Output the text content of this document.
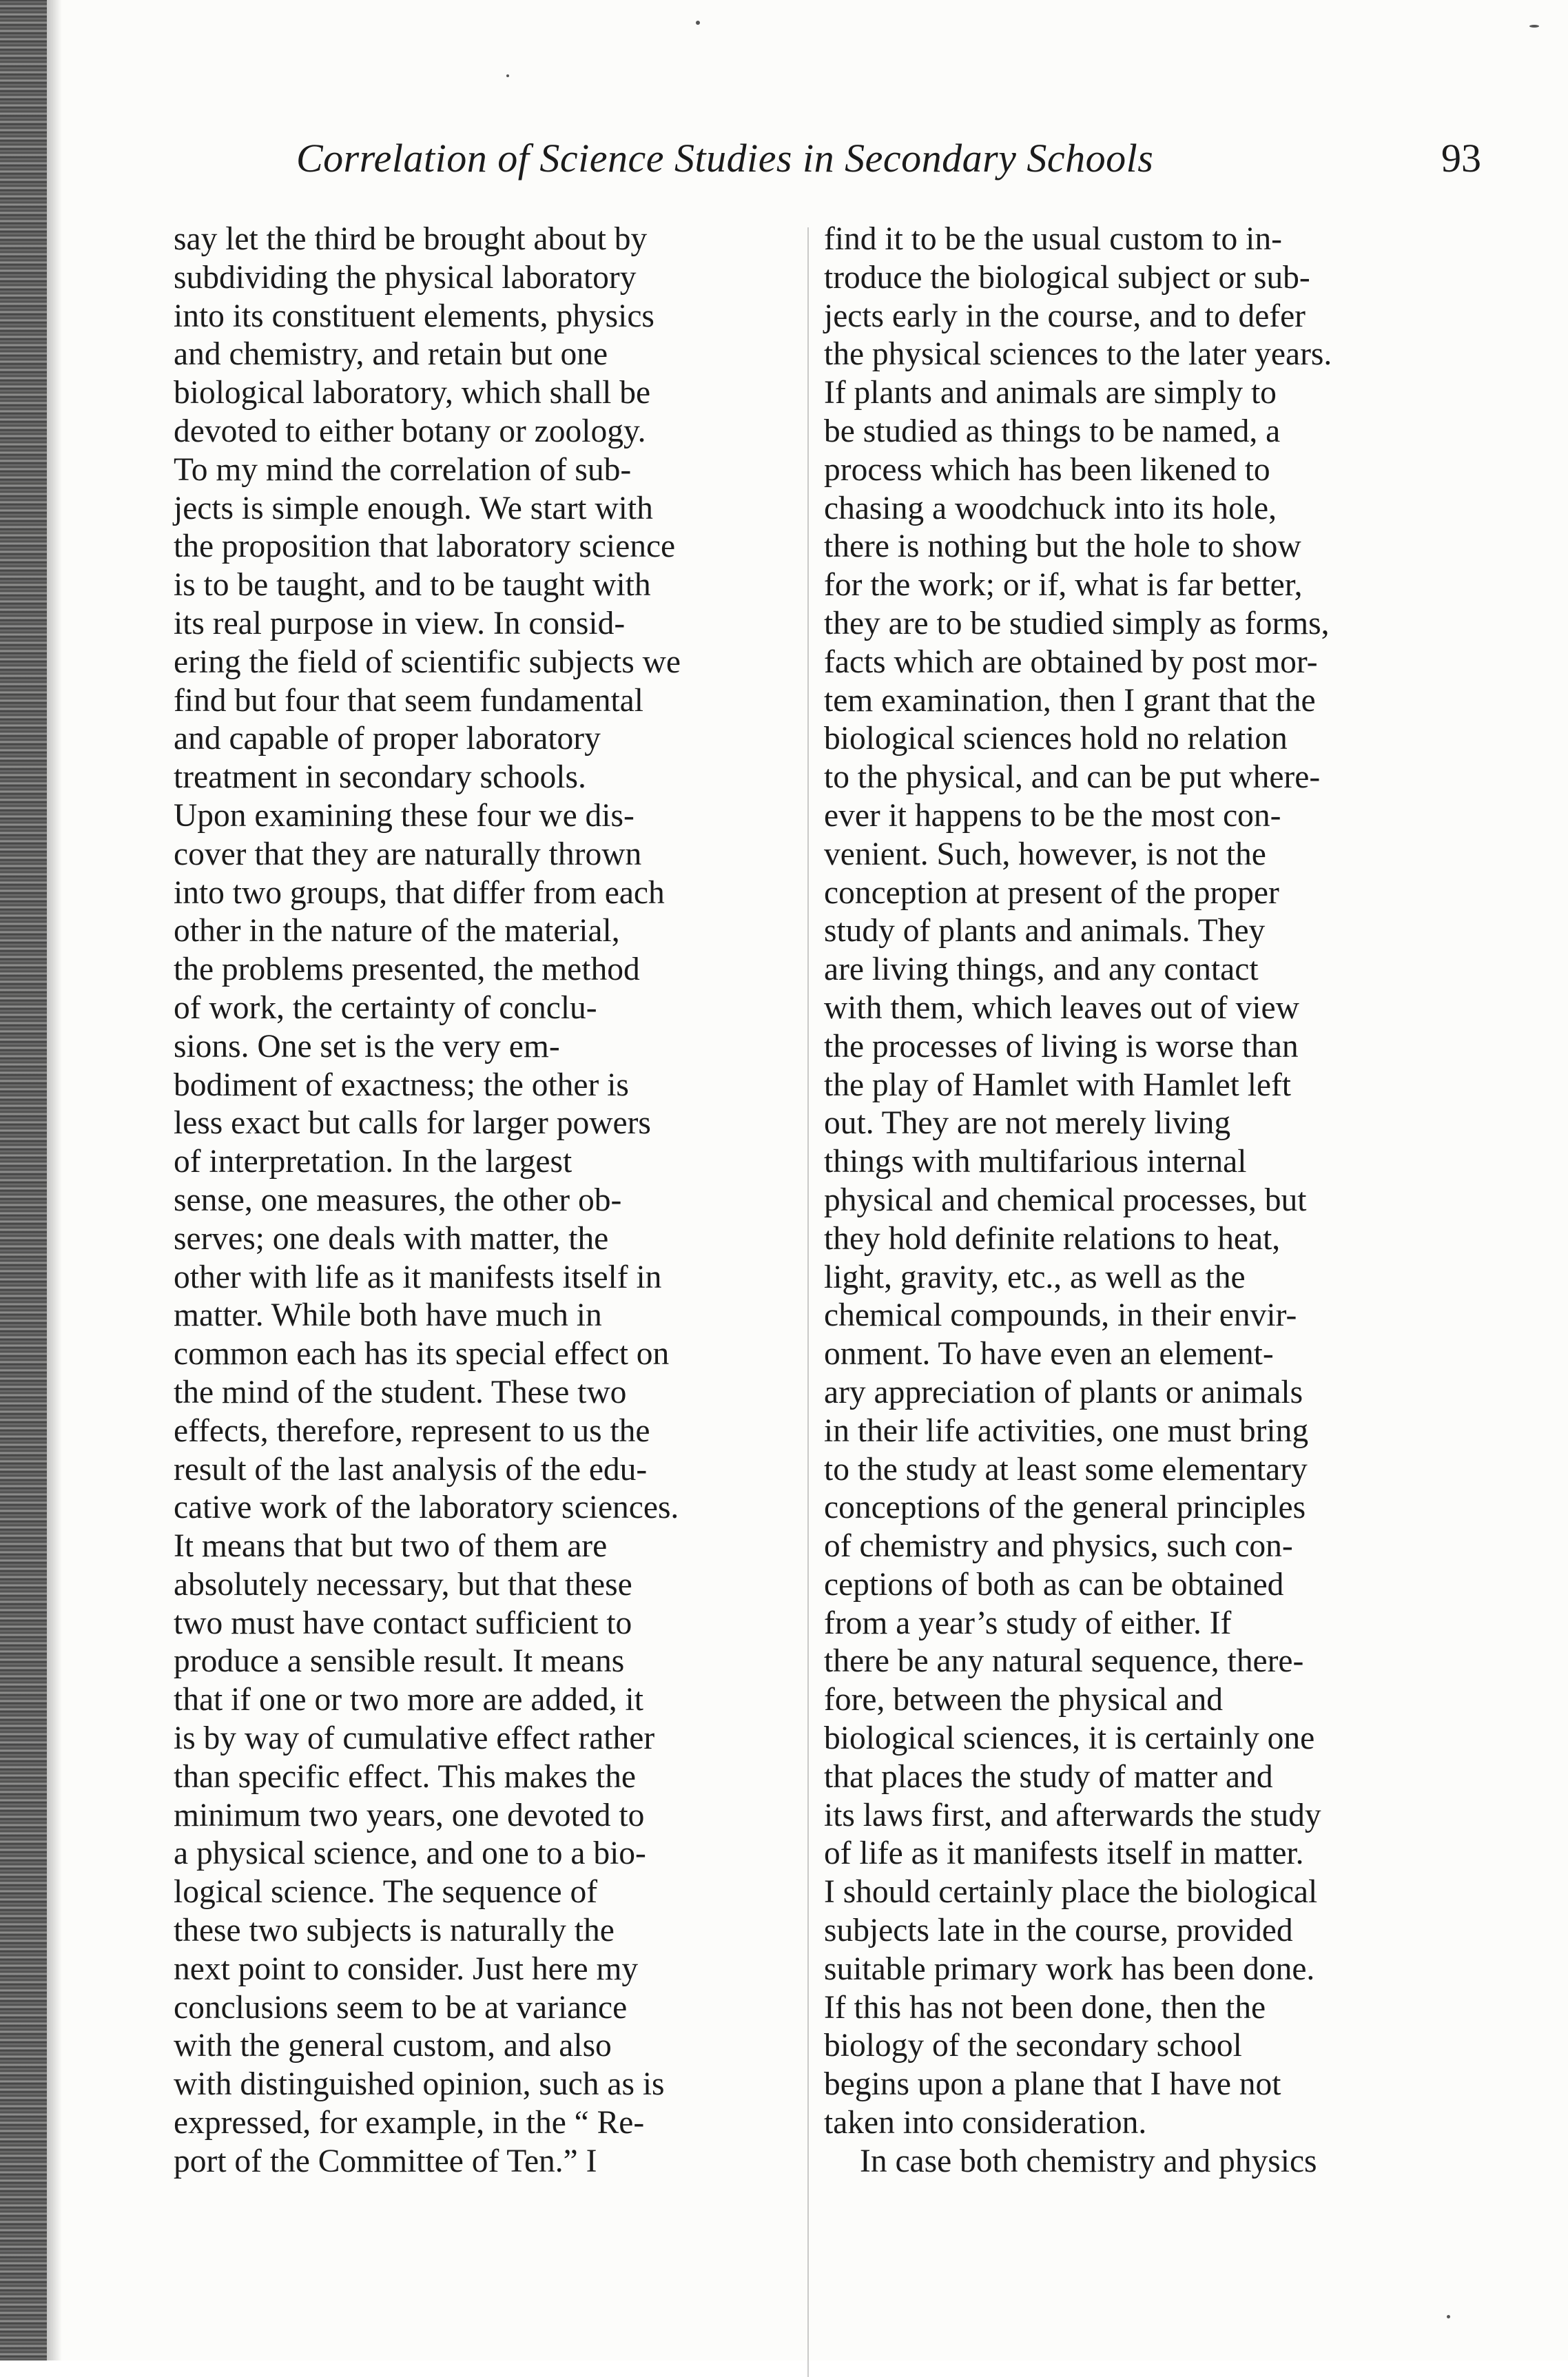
Correlation of Science Studies in Secondary Schools	93

say let the third be brought about by
subdividing the physical laboratory
into its constituent elements, physics
and chemistry, and retain but one
biological laboratory, which shall be
devoted to either botany or zoology.
To my mind the correlation of sub-
jects is simple enough. We start with
the proposition that laboratory science
is to be taught, and to be taught with
its real purpose in view. In consid-
ering the field of scientific subjects we
find but four that seem fundamental
and capable of proper laboratory
treatment in secondary schools.
Upon examining these four we dis-
cover that they are naturally thrown
into two groups, that differ from each
other in the nature of the material,
the problems presented, the method
of work, the certainty of conclu-
sions. One set is the very em-
bodiment of exactness; the other is
less exact but calls for larger powers
of interpretation. In the largest
sense, one measures, the other ob-
serves; one deals with matter, the
other with life as it manifests itself in
matter. While both have much in
common each has its special effect on
the mind of the student. These two
effects, therefore, represent to us the
result of the last analysis of the edu-
cative work of the laboratory sciences.
It means that but two of them are
absolutely necessary, but that these
two must have contact sufficient to
produce a sensible result. It means
that if one or two more are added, it
is by way of cumulative effect rather
than specific effect. This makes the
minimum two years, one devoted to
a physical science, and one to a bio-
logical science. The sequence of
these two subjects is naturally the
next point to consider. Just here my
conclusions seem to be at variance
with the general custom, and also
with distinguished opinion, such as is
expressed, for example, in the “ Re-
port of the Committee of Ten.” I

find it to be the usual custom to in-
troduce the biological subject or sub-
jects early in the course, and to defer
the physical sciences to the later years.
If plants and animals are simply to
be studied as things to be named, a
process which has been likened to
chasing a woodchuck into its hole,
there is nothing but the hole to show
for the work; or if, what is far better,
they are to be studied simply as forms,
facts which are obtained by post mor-
tem examination, then I grant that the
biological sciences hold no relation
to the physical, and can be put where-
ever it happens to be the most con-
venient. Such, however, is not the
conception at present of the proper
study of plants and animals. They
are living things, and any contact
with them, which leaves out of view
the processes of living is worse than
the play of Hamlet with Hamlet left
out. They are not merely living
things with multifarious internal
physical and chemical processes, but
they hold definite relations to heat,
light, gravity, etc., as well as the
chemical compounds, in their envir-
onment. To have even an element-
ary appreciation of plants or animals
in their life activities, one must bring
to the study at least some elementary
conceptions of the general principles
of chemistry and physics, such con-
ceptions of both as can be obtained
from a year’s study of either. If
there be any natural sequence, there-
fore, between the physical and
biological sciences, it is certainly one
that places the study of matter and
its laws first, and afterwards the study
of life as it manifests itself in matter.
I should certainly place the biological
subjects late in the course, provided
suitable primary work has been done.
If this has not been done, then the
biology of the secondary school
begins upon a plane that I have not
taken into consideration.

In case both chemistry and physics
